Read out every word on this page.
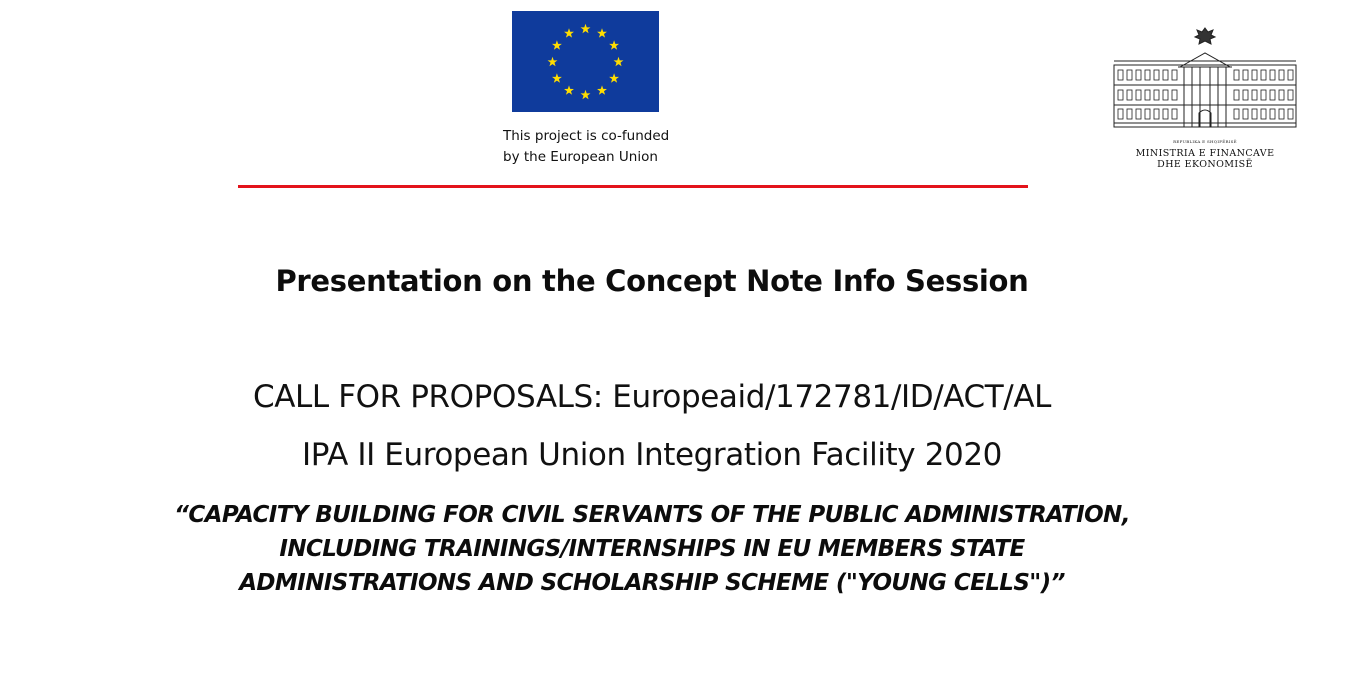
This project is co-funded
by the European Union
REPUBLIKA E SHQIPËRISË
MINISTRIA E FINANCAVE
DHE EKONOMISË
Presentation on the Concept Note Info Session
CALL FOR PROPOSALS: Europeaid/172781/ID/ACT/AL
IPA II European Union Integration Facility 2020
“CAPACITY BUILDING FOR CIVIL SERVANTS OF THE PUBLIC ADMINISTRATION,
INCLUDING TRAININGS/INTERNSHIPS IN EU MEMBERS STATE
ADMINISTRATIONS AND SCHOLARSHIP SCHEME ("YOUNG CELLS")”
